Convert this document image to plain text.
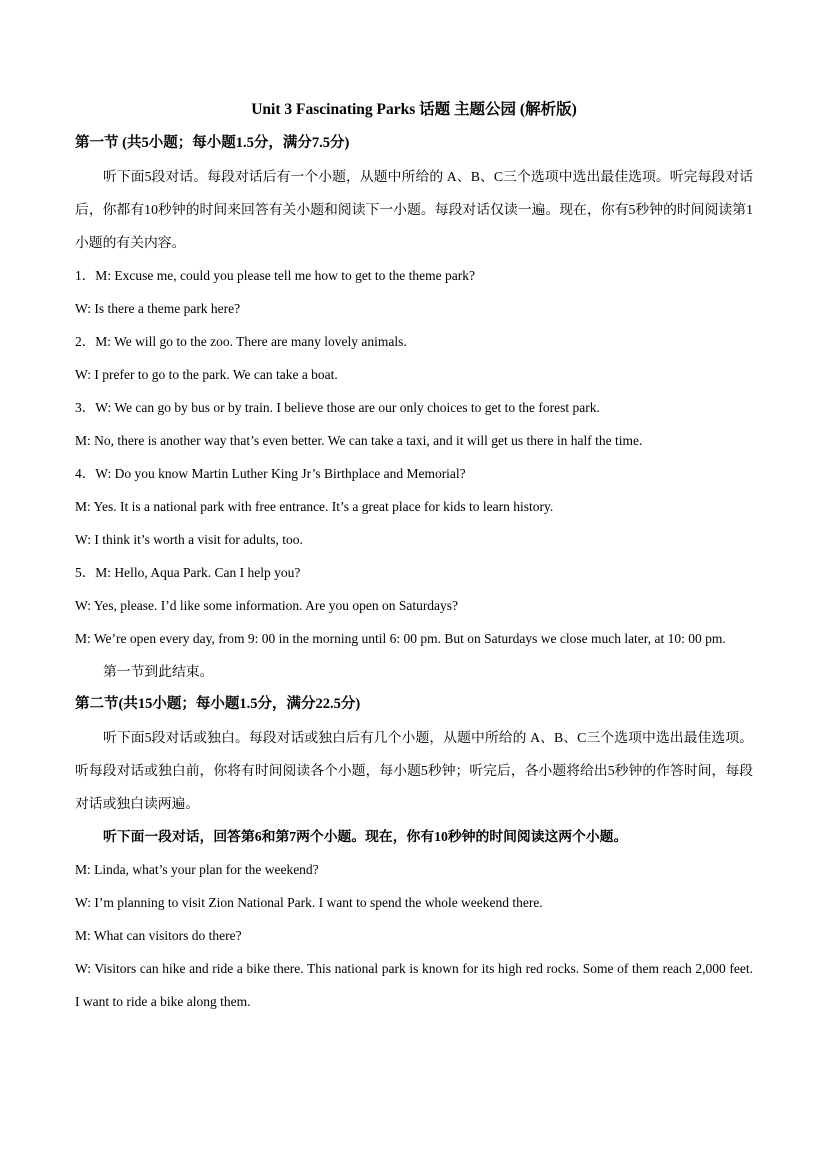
Unit 3 Fascinating Parks 话题 主题公园 (解析版)

第一节 (共5小题；每小题1.5分，满分7.5分)

听下面5段对话。每段对话后有一个小题，从题中所给的 A、B、C三个选项中选出最佳选项。听完每段对话后，你都有10秒钟的时间来回答有关小题和阅读下一小题。每段对话仅读一遍。现在，你有5秒钟的时间阅读第1小题的有关内容。

1．M: Excuse me, could you please tell me how to get to the theme park?

W: Is there a theme park here?

2．M: We will go to the zoo. There are many lovely animals.

W: I prefer to go to the park. We can take a boat.

3．W: We can go by bus or by train. I believe those are our only choices to get to the forest park.

M: No, there is another way that’s even better. We can take a taxi, and it will get us there in half the time.

4．W: Do you know Martin Luther King Jr’s Birthplace and Memorial?

M: Yes. It is a national park with free entrance. It’s a great place for kids to learn history.

W: I think it’s worth a visit for adults, too.

5．M: Hello, Aqua Park. Can I help you?

W: Yes, please. I’d like some information. Are you open on Saturdays?

M: We’re open every day, from 9: 00 in the morning until 6: 00 pm. But on Saturdays we close much later, at 10: 00 pm.

第一节到此结束。

第二节(共15小题；每小题1.5分，满分22.5分)

听下面5段对话或独白。每段对话或独白后有几个小题，从题中所给的 A、B、C三个选项中选出最佳选项。听每段对话或独白前，你将有时间阅读各个小题，每小题5秒钟；听完后，各小题将给出5秒钟的作答时间，每段对话或独白读两遍。

听下面一段对话，回答第6和第7两个小题。现在，你有10秒钟的时间阅读这两个小题。

M: Linda, what’s your plan for the weekend?

W: I’m planning to visit Zion National Park. I want to spend the whole weekend there.

M: What can visitors do there?

W: Visitors can hike and ride a bike there. This national park is known for its high red rocks. Some of them reach 2,000 feet. I want to ride a bike along them.
